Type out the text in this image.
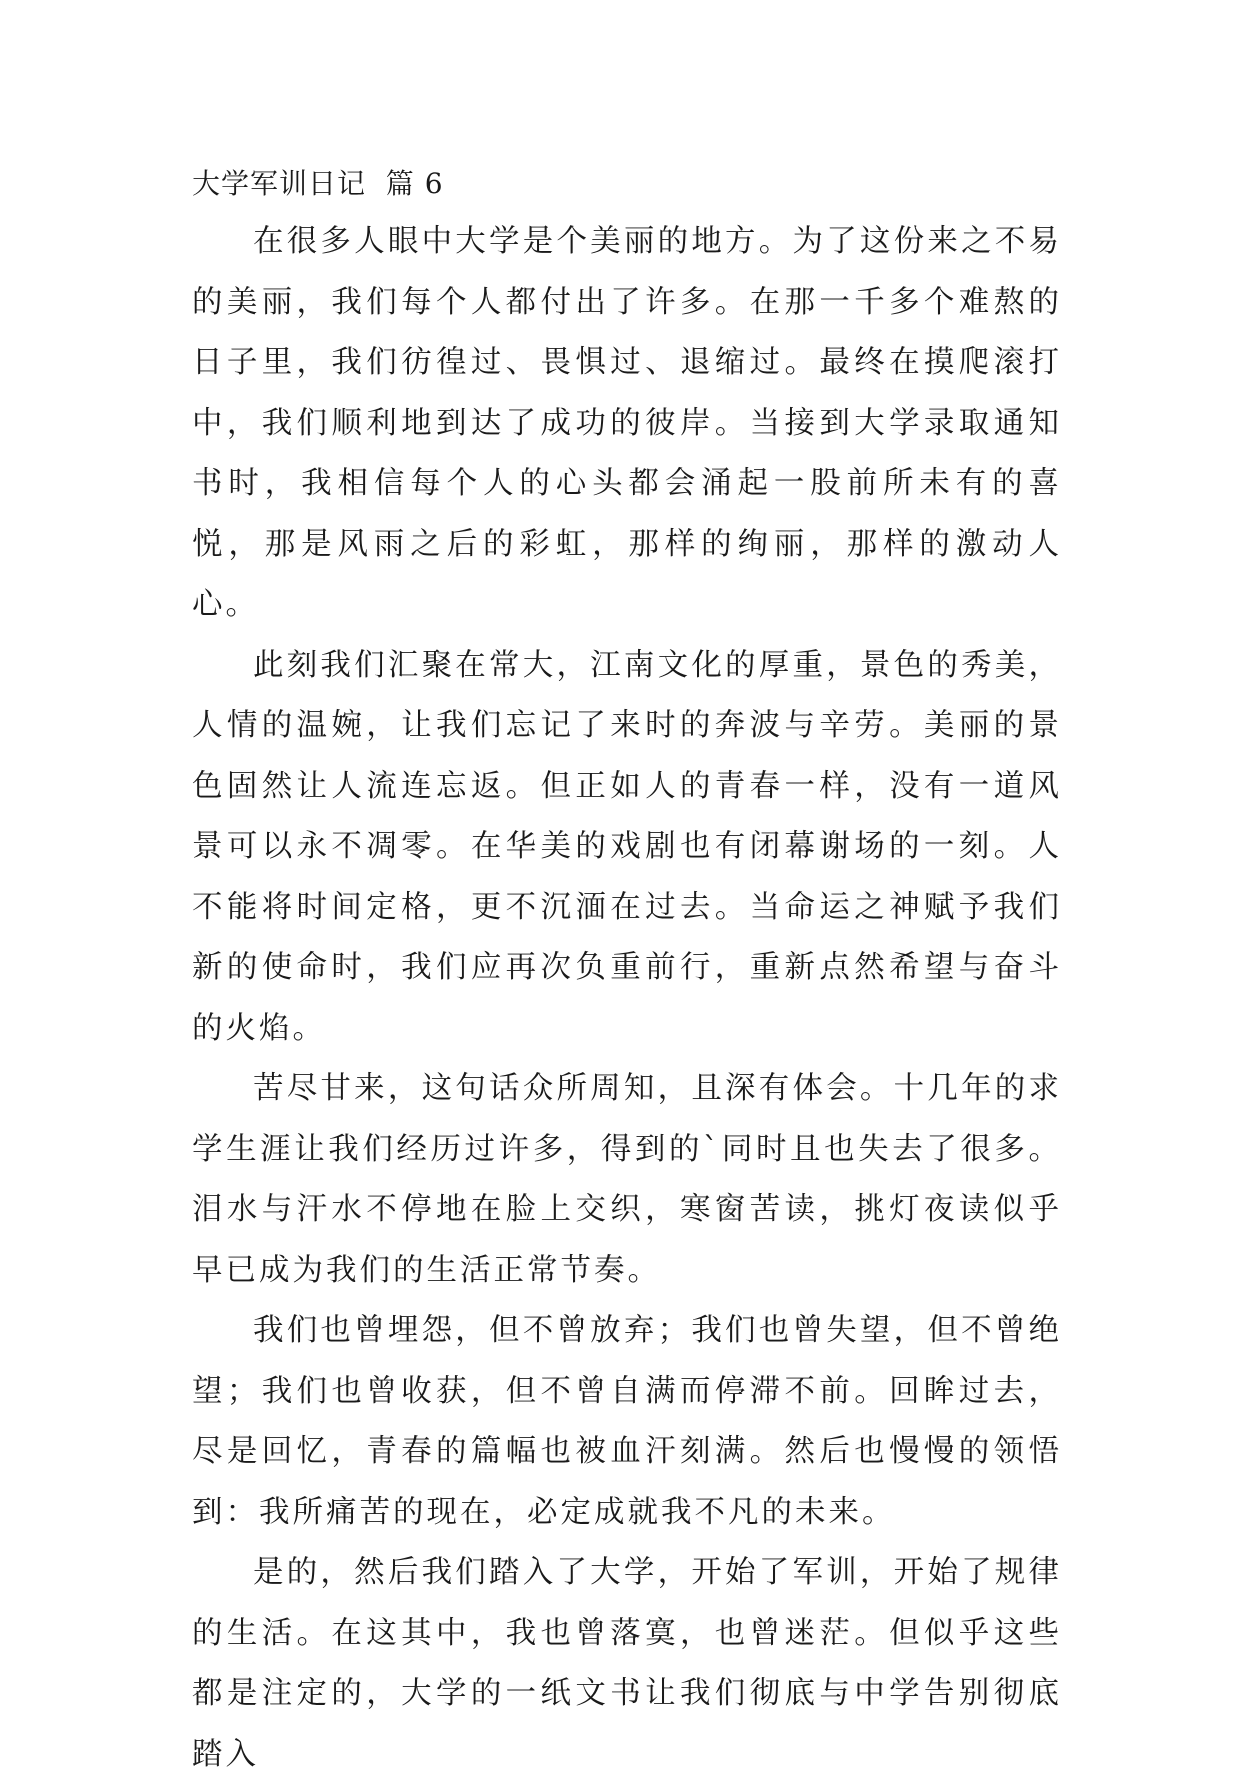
大学军训日记  篇 6

在很多人眼中大学是个美丽的地方。为了这份来之不易的美丽，我们每个人都付出了许多。在那一千多个难熬的日子里，我们彷徨过、畏惧过、退缩过。最终在摸爬滚打中，我们顺利地到达了成功的彼岸。当接到大学录取通知书时，我相信每个人的心头都会涌起一股前所未有的喜悦，那是风雨之后的彩虹，那样的绚丽，那样的激动人心。

此刻我们汇聚在常大，江南文化的厚重，景色的秀美，人情的温婉，让我们忘记了来时的奔波与辛劳。美丽的景色固然让人流连忘返。但正如人的青春一样，没有一道风景可以永不凋零。在华美的戏剧也有闭幕谢场的一刻。人不能将时间定格，更不沉湎在过去。当命运之神赋予我们新的使命时，我们应再次负重前行，重新点然希望与奋斗的火焰。

苦尽甘来，这句话众所周知，且深有体会。十几年的求学生涯让我们经历过许多，得到的`同时且也失去了很多。泪水与汗水不停地在脸上交织，寒窗苦读，挑灯夜读似乎早已成为我们的生活正常节奏。

我们也曾埋怨，但不曾放弃；我们也曾失望，但不曾绝望；我们也曾收获，但不曾自满而停滞不前。回眸过去，尽是回忆，青春的篇幅也被血汗刻满。然后也慢慢的领悟到：我所痛苦的现在，必定成就我不凡的未来。

是的，然后我们踏入了大学，开始了军训，开始了规律的生活。在这其中，我也曾落寞，也曾迷茫。但似乎这些都是注定的，大学的一纸文书让我们彻底与中学告别彻底踏入
